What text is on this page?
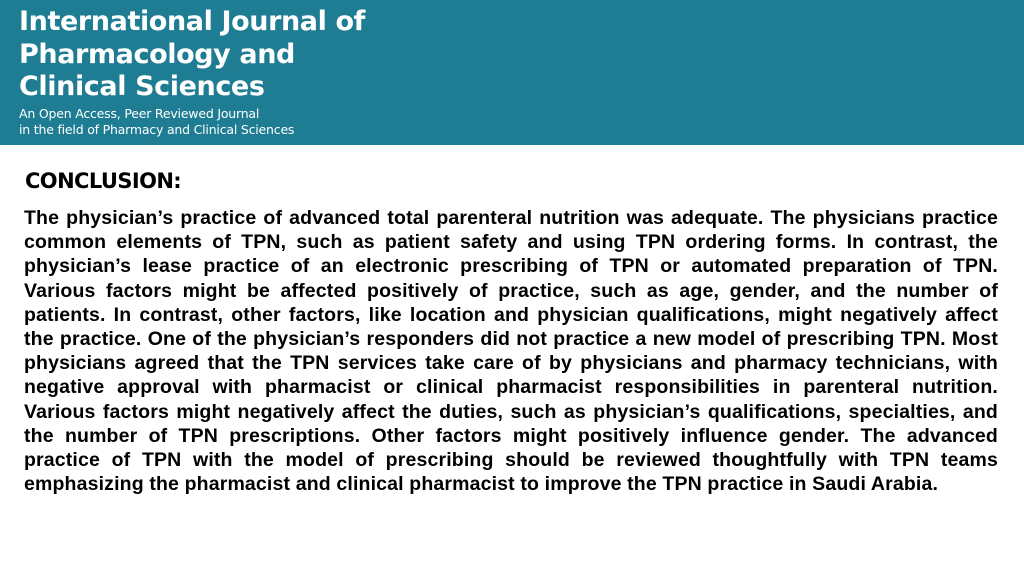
International Journal of
Pharmacology and
Clinical Sciences

An Open Access, Peer Reviewed Journal
in the field of Pharmacy and Clinical Sciences

CONCLUSION:

The physician’s practice of advanced total parenteral nutrition was adequate. The physicians practice common elements of TPN, such as patient safety and using TPN ordering forms. In contrast, the physician’s lease practice of an electronic prescribing of TPN or automated preparation of TPN. Various factors might be affected positively of practice, such as age, gender, and the number of patients. In contrast, other factors, like location and physician qualifications, might negatively affect the practice. One of the physician’s responders did not practice a new model of prescribing TPN. Most physicians agreed that the TPN services take care of by physicians and pharmacy technicians, with negative approval with pharmacist or clinical pharmacist responsibilities in parenteral nutrition. Various factors might negatively affect the duties, such as physician’s qualifications, specialties, and the number of TPN prescriptions. Other factors might positively influence gender. The advanced practice of TPN with the model of prescribing should be reviewed thoughtfully with TPN teams emphasizing the pharmacist and clinical pharmacist to improve the TPN practice in Saudi Arabia.
